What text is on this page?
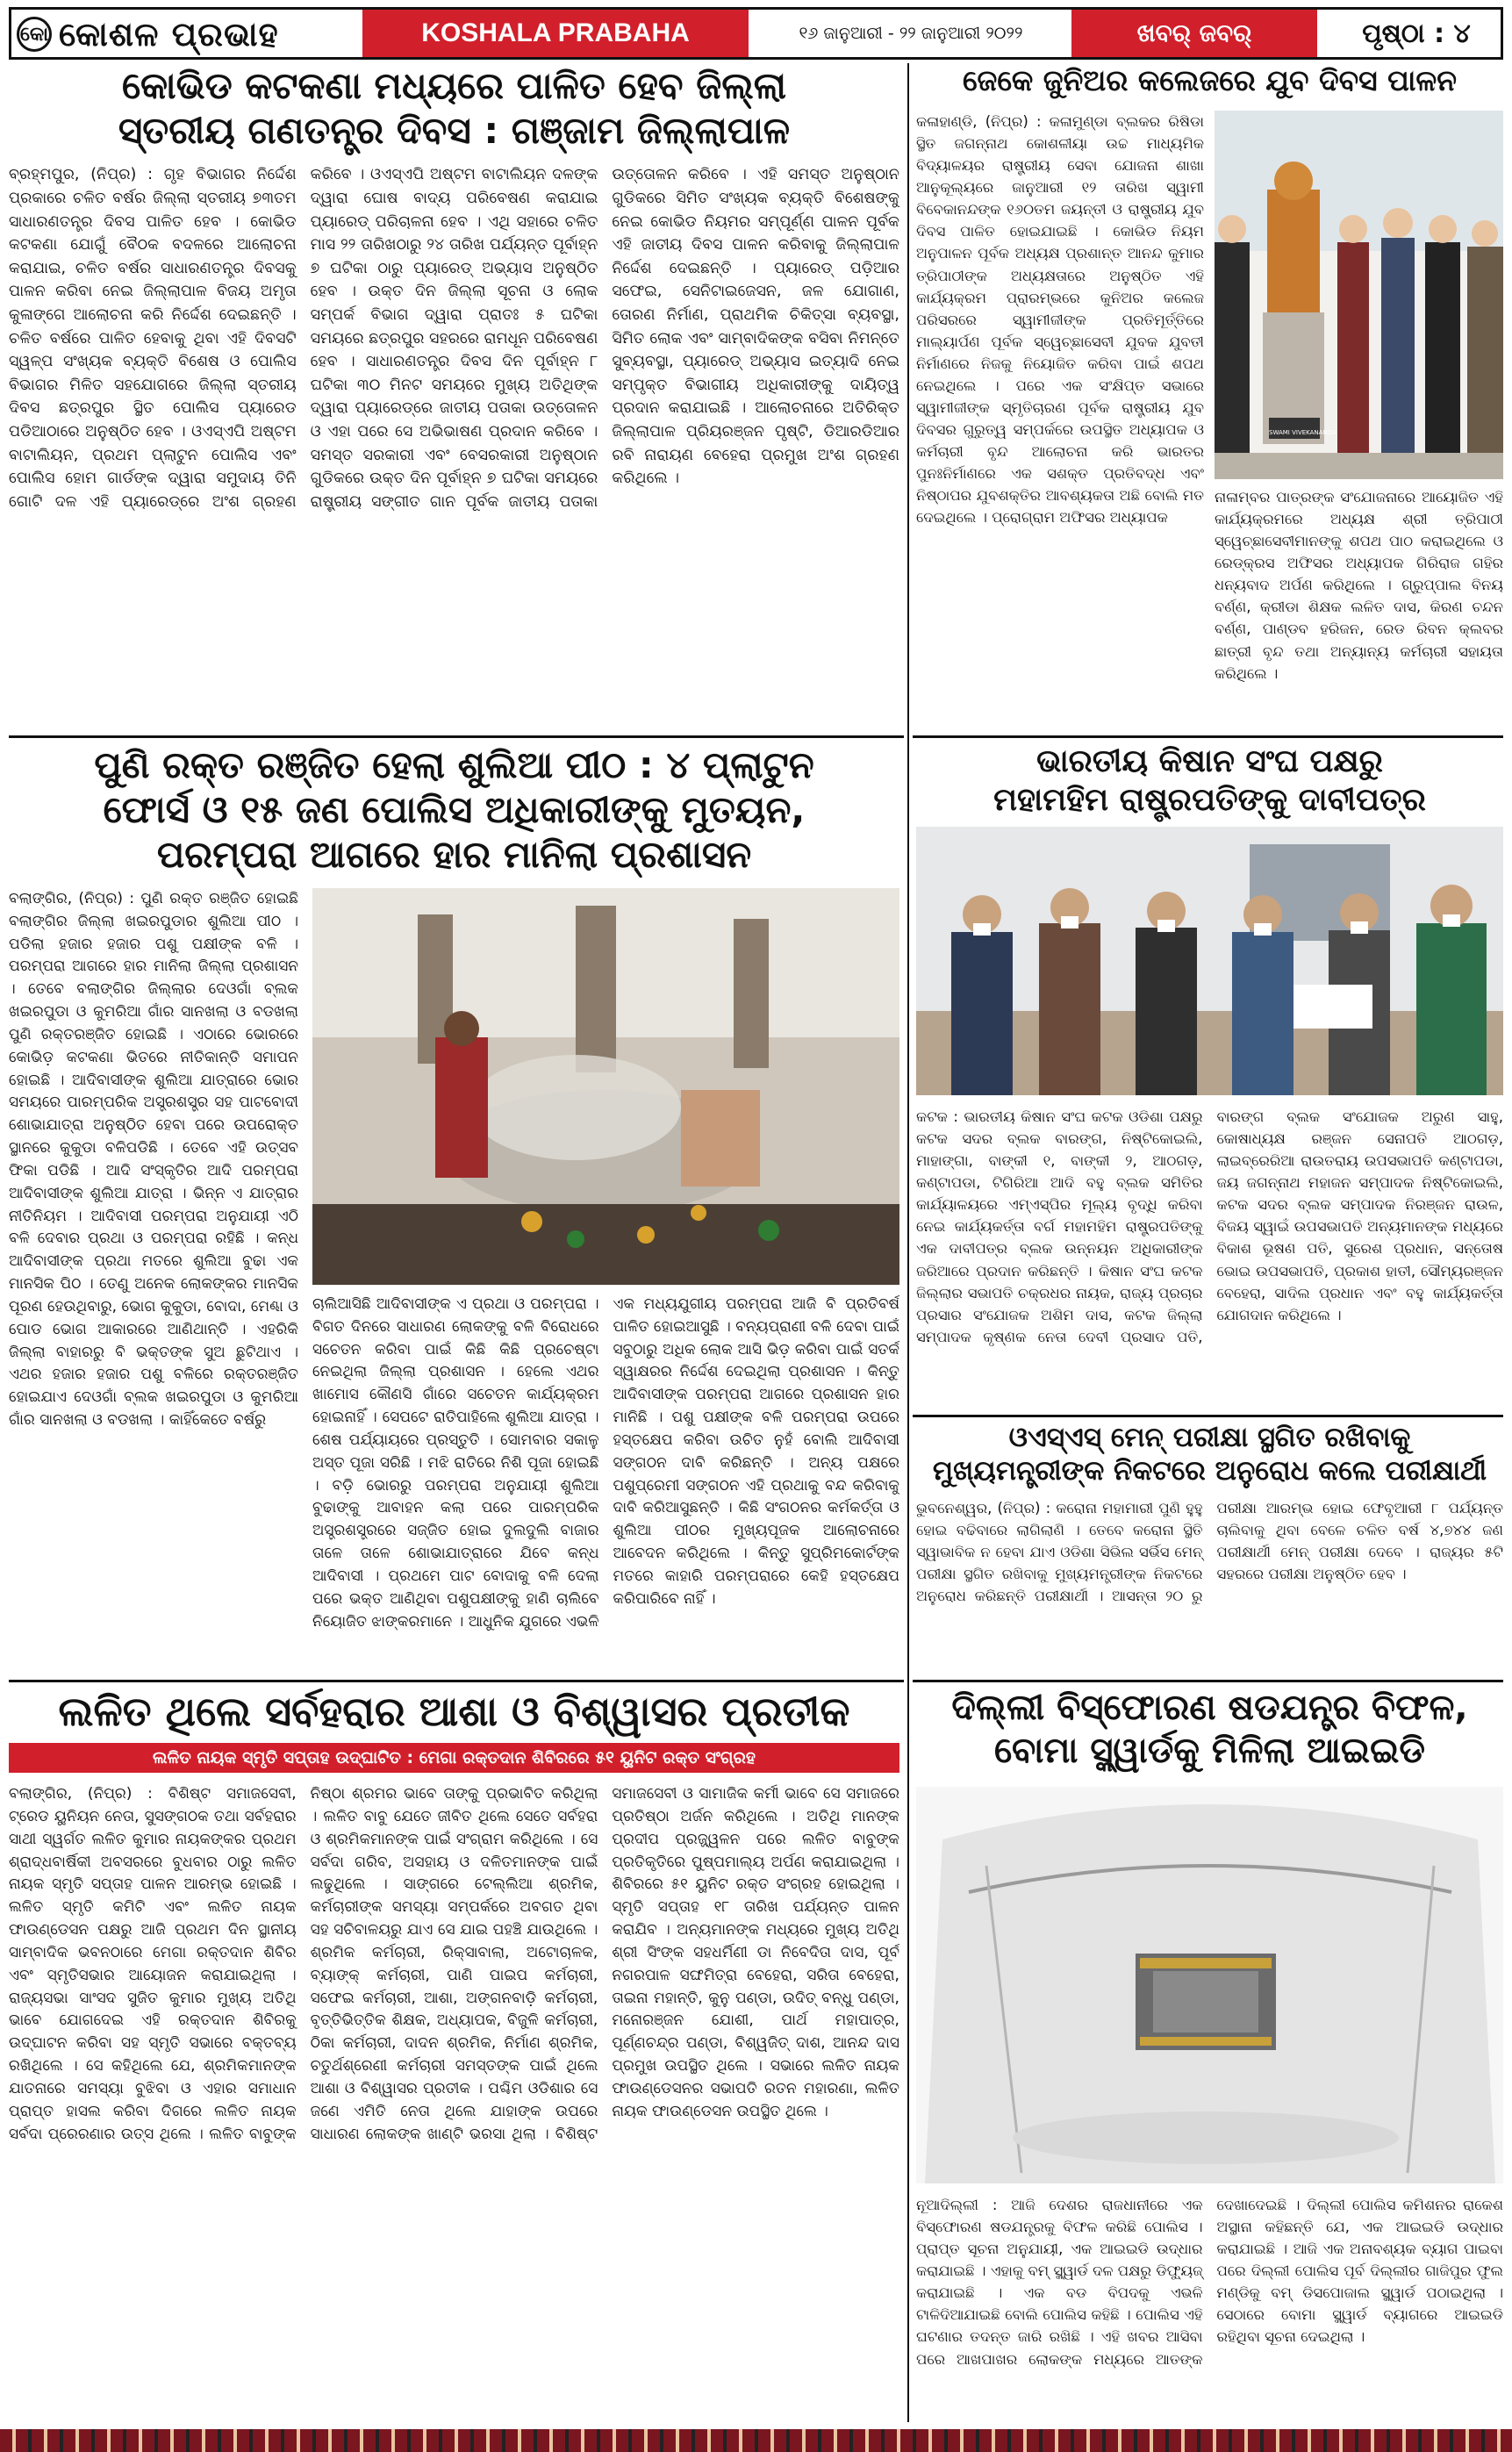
କୋ କୋଶଳ ପ୍ରଭାହ	KOSHALA PRABAHA	୧୬ ଜାନୁଆରୀ - ୨୨ ଜାନୁଆରୀ ୨୦୨୨	ଖବର୍ ଜବର୍	ପୃଷ୍ଠା : ୪
କୋଭିଡ କଟକଣା ମଧ୍ୟରେ ପାଳିତ ହେବ ଜିଲ୍ଲା
ସ୍ତରୀୟ ଗଣତନ୍ତ୍ର ଦିବସ : ଗଞ୍ଜାମ ଜିଲ୍ଲାପାଳ
ବ୍ରହ୍ମପୁର, (ନିପ୍ର) : ଗୃହ ବିଭାଗର ନିର୍ଦ୍ଦେଶ ପ୍ରକାରେ ଚଳିତ ବର୍ଷର ଜିଲ୍ଲା ସ୍ତରୀୟ ୭୩ତମ ସାଧାରଣତନ୍ତ୍ର ଦିବସ ପାଳିତ ହେବ । କୋଭିଡ କଟକଣା ଯୋଗୁଁ ବୈଠକ ବଦଳରେ ଆଲୋଚନା କରାଯାଇ, ଚଳିତ ବର୍ଷର ସାଧାରଣତନ୍ତ୍ର ଦିବସକୁ ପାଳନ କରିବା ନେଇ ଜିଲ୍ଲାପାଳ ବିଜୟ ଅମୃତା କୁଳାଙ୍ଗେ ଆଲୋଚନା କରି ନିର୍ଦ୍ଦେଶ ଦେଇଛନ୍ତି । ଚଳିତ ବର୍ଷରେ ପାଳିତ ହେବାକୁ ଥିବା ଏହି ଦିବସଟି ସ୍ୱଳ୍ପ ସଂଖ୍ୟକ ବ୍ୟକ୍ତି ବିଶେଷ ଓ ପୋଲିସ ବିଭାଗର ମିଳିତ ସହଯୋଗରେ ଜିଲ୍ଲା ସ୍ତରୀୟ ଦିବସ ଛତ୍ରପୁର ସ୍ଥିତ ପୋଲିସ ପ୍ୟାରେଡ ପଡିଆଠାରେ ଅନୁଷ୍ଠିତ ହେବ । ଓଏସ୍ଏପି ଅଷ୍ଟମ ବାଟାଲିୟନ, ପ୍ରଥମ ପ୍ଲାଟୁନ ପୋଲିସ ଏବଂ ପୋଲିସ ହୋମ ଗାର୍ଡଙ୍କ ଦ୍ୱାରା ସମୁଦାୟ ତିନି ଗୋଟି ଦଳ ଏହି ପ୍ୟାରେଡ୍‌ରେ ଅଂଶ ଗ୍ରହଣ କରିବେ । ଓଏସ୍ଏପି ଅଷ୍ଟମ ବାଟାଲିୟନ ଦଳଙ୍କ ଦ୍ୱାରା ଘୋଷ ବାଦ୍ୟ ପରିବେଷଣ କରାଯାଇ ପ୍ୟାରେଡ୍ ପରିଚାଳନା ହେବ । ଏଥି ସହାରେ ଚଳିତ ମାସ ୨୨ ତାରିଖଠାରୁ ୨୪ ତାରିଖ ପର୍ଯ୍ୟନ୍ତ ପୂର୍ବାହ୍ନ ୭ ଘଟିକା ଠାରୁ ପ୍ୟାରେଡ୍ ଅଭ୍ୟାସ ଅନୁଷ୍ଠିତ ହେବ । ଉକ୍ତ ଦିନ ଜିଲ୍ଲା ସୂଚନା ଓ ଲୋକ ସମ୍ପର୍କ ବିଭାଗ ଦ୍ୱାରା ପ୍ରାତଃ ୫ ଘଟିକା ସମୟରେ ଛତ୍ରପୁର ସହରରେ ରାମଧୂନ ପରିବେଷଣ ହେବ । ସାଧାରଣତନ୍ତ୍ର ଦିବସ ଦିନ ପୂର୍ବାହ୍ନ ୮ ଘଟିକା ୩୦ ମିନଟ ସମୟରେ ମୁଖ୍ୟ ଅତିଥିଙ୍କ ଦ୍ୱାରା ପ୍ୟାରେଡ୍‌ରେ ଜାତୀୟ ପତାକା ଉତ୍ତୋଳନ ଓ ଏହା ପରେ ସେ ଅଭିଭାଷଣ ପ୍ରଦାନ କରିବେ । ସମସ୍ତ ସରକାରୀ ଏବଂ ବେସରକାରୀ ଅନୁଷ୍ଠାନ ଗୁଡିକରେ ଉକ୍ତ ଦିନ ପୂର୍ବାହ୍ନ ୭ ଘଟିକା ସମୟରେ ରାଷ୍ଟ୍ରୀୟ ସଙ୍ଗୀତ ଗାନ ପୂର୍ବକ ଜାତୀୟ ପତାକା ଉତ୍ତୋଳନ କରିବେ । ଏହି ସମସ୍ତ ଅନୁଷ୍ଠାନ ଗୁଡିକରେ ସିମିତ ସଂଖ୍ୟକ ବ୍ୟକ୍ତି ବିଶେଷଙ୍କୁ ନେଇ କୋଭିଡ ନିୟମର ସମ୍ପୂର୍ଣ୍ଣ ପାଳନ ପୂର୍ବକ ଏହି ଜାତୀୟ ଦିବସ ପାଳନ କରିବାକୁ ଜିଲ୍ଲାପାଳ ନିର୍ଦ୍ଦେଶ ଦେଇଛନ୍ତି । ପ୍ୟାରେଡ୍ ପଡ଼ିଆର ସଫେଇ, ସେନିଟାଇଜେସନ, ଜଳ ଯୋଗାଣ, ତୋରଣ ନିର୍ମାଣ, ପ୍ରାଥମିକ ଚିକିତ୍ସା ବ୍ୟବସ୍ଥା, ସିମିତ ଲୋକ ଏବଂ ସାମ୍ବାଦିକଙ୍କ ବସିବା ନିମନ୍ତେ ସୁବ୍ୟବସ୍ଥା, ପ୍ୟାରେଡ୍ ଅଭ୍ୟାସ ଇତ୍ୟାଦି ନେଇ ସମ୍ପୃକ୍ତ ବିଭାଗୀୟ ଅଧିକାରୀଙ୍କୁ ଦାୟିତ୍ୱ ପ୍ରଦାନ କରାଯାଇଛି । ଆଲୋଚନାରେ ଅତିରିକ୍ତ ଜିଲ୍ଲାପାଳ ପ୍ରିୟରଞ୍ଜନ ପୃଷ୍ଟି, ଡିଆରଡିଆର ରବି ନାରାୟଣ ବେହେରା ପ୍ରମୁଖ ଅଂଶ ଗ୍ରହଣ କରିଥିଲେ ।
ଜେକେ ଜୁନିଅର କଲେଜରେ ଯୁବ ଦିବସ ପାଳନ
କଳାହାଣ୍ଡି, (ନିପ୍ର) : କଳାମୁଣ୍ଡା ବ୍ଲକର ରିଷିଡା ସ୍ଥିତ ଜଗନ୍ନାଥ କୋଶଳୀୟା ଉଚ୍ଚ ମାଧ୍ୟମିକ ବିଦ୍ୟାଳୟର ରାଷ୍ଟ୍ରୀୟ ସେବା ଯୋଜନା ଶାଖା ଆନୁକୂଲ୍ୟରେ ଜାନୁଆରୀ ୧୨ ତାରିଖ ସ୍ୱାମୀ ବିବେକାନନ୍ଦଙ୍କ ୧୬୦ତମ ଜୟନ୍ତୀ ଓ ରାଷ୍ଟ୍ରୀୟ ଯୁବ ଦିବସ ପାଳିତ ହୋଇଯାଇଛି । କୋଭିଡ ନିୟମ ଅନୁପାଳନ ପୂର୍ବକ ଅଧ୍ୟକ୍ଷ ପ୍ରଶାନ୍ତ ଆନନ୍ଦ କୁମାର ତ୍ରିପାଠୀଙ୍କ ଅଧ୍ୟକ୍ଷତାରେ ଅନୁଷ୍ଠିତ ଏହି କାର୍ଯ୍ୟକ୍ରମ ପ୍ରାରମ୍ଭରେ କୁନିଅର କଲେଜ ପରିସରରେ ସ୍ୱାମୀଜୀଙ୍କ ପ୍ରତିମୂର୍ତ୍ତିରେ ମାଲ୍ୟାର୍ପଣ ପୂର୍ବକ ସ୍ୱେଚ୍ଛାସେବୀ ଯୁବକ ଯୁବତୀ ନିର୍ମାଣରେ ନିଜକୁ ନିୟୋଜିତ କରିବା ପାଇଁ ଶପଥ ନେଇଥିଲେ । ପରେ ଏକ ସଂକ୍ଷିପ୍ତ ସଭାରେ ସ୍ୱାମୀଜୀଙ୍କ ସ୍ମୃତିଚାରଣ ପୂର୍ବକ ରାଷ୍ଟ୍ରୀୟ ଯୁବ ଦିବସର ଗୁରୁତ୍ୱ ସମ୍ପର୍କରେ ଉପସ୍ଥିତ ଅଧ୍ୟାପକ ଓ କର୍ମଚାରୀ ବୃନ୍ଦ ଆଲୋଚନା କରି ଭାରତର ପୁନଃନିର୍ମାଣରେ ଏକ ସଶକ୍ତ ପ୍ରତିବଦ୍ଧ ଏବଂ ନିଷ୍ଠାପର ଯୁବଶକ୍ତିର ଆବଶ୍ୟକତା ଅଛି ବୋଲି ମତ ଦେଇଥିଲେ । ପ୍ରୋଗ୍ରାମ ଅଫିସର ଅଧ୍ୟାପକ
SWAMI VIVEKANANDA
ନାଳାମ୍ବର ପାତ୍ରଙ୍କ ସଂଯୋଜନାରେ ଆୟୋଜିତ ଏହି କାର୍ଯ୍ୟକ୍ରମରେ ଅଧ୍ୟକ୍ଷ ଶ୍ରୀ ତ୍ରିପାଠୀ ସ୍ୱେଚ୍ଛାସେବୀମାନଙ୍କୁ ଶପଥ ପାଠ କରାଇଥିଲେ ଓ ରେଡ୍‌କ୍ରସ ଅଫିସର ଅଧ୍ୟାପକ ଗିରିରାଜ ଗହିର ଧନ୍ୟବାଦ ଅର୍ପଣ କରିଥିଲେ । ଗ୍ରୁପ୍‌ପାଲ ବିନୟ ବର୍ଣ୍ଣ, କ୍ରୀଡା ଶିକ୍ଷକ ଲଳିତ ଦାସ, କିରଣ ଚନ୍ଦନ ବର୍ଣ୍ଣ, ପାଣ୍ଡବ ହରିଜନ, ରେଡ ରିବନ କ୍ଲବର ଛାତ୍ରୀ ବୃନ୍ଦ ତଥା ଅନ୍ୟାନ୍ୟ କର୍ମଚାରୀ ସହାୟତା କରିଥିଲେ ।
ପୁଣି ରକ୍ତ ରଞ୍ଜିତ ହେଲା ଶୁଲିଆ ପୀଠ : ୪ ପ୍ଲାଟୁନ
ଫୋର୍ସ ଓ ୧୫ ଜଣ ପୋଲିସ ଅଧିକାରୀଙ୍କୁ ମୁତୟନ,
ପରମ୍ପରା ଆଗରେ ହାର ମାନିଲା ପ୍ରଶାସନ
ବଲାଙ୍ଗିର, (ନିପ୍ର) : ପୁଣି ରକ୍ତ ରଞ୍ଜିତ ହୋଇଛି ବଲାଙ୍ଗିର ଜିଲ୍ଲା ଖଇରପୁଡାର ଶୁଲିଆ ପୀଠ । ପଡିଲା ହଜାର ହଜାର ପଶୁ ପକ୍ଷୀଙ୍କ ବଳି । ପରମ୍ପରା ଆଗରେ ହାର ମାନିଲା ଜିଲ୍ଲା ପ୍ରଶାସନ । ତେବେ ବଲାଙ୍ଗିର ଜିଲ୍ଲାର ଦେଓଗାଁ ବ୍ଲକ ଖଇରପୁଡା ଓ କୁମରିଆ ଗାଁର ସାନଖଲା ଓ ବଡଖଲା ପୁଣି ରକ୍ତରଞ୍ଜିତ ହୋଇଛି । ଏଠାରେ ଭୋରରେ କୋଭିଡ଼ କଟକଣା ଭିତରେ ନୀତିକାନ୍ତି ସମାପନ ହୋଇଛି । ଆଦିବାସୀଙ୍କ ଶୁଲିଆ ଯାତ୍ରାରେ ଭୋର ସମୟରେ ପାରମ୍ପରିକ ଅସ୍ତ୍ରଶସ୍ତ୍ର ସହ ପାଟବୋଦୀ ଶୋଭାଯାତ୍ରା ଅନୁଷ୍ଠିତ ହେବା ପରେ ଉପରୋକ୍ତ ସ୍ଥାନରେ କୁକୁଡା ବଳିପଡିଛି । ତେବେ ଏହି ଉତ୍ସବ ଫିକା ପଡିଛି । ଆଦି ସଂସ୍କୃତିର ଆଦି ପରମ୍ପରା ଆଦିବାସୀଙ୍କ ଶୁଲିଆ ଯାତ୍ରା । ଭିନ୍ନ ଏ ଯାତ୍ରାର ନୀତିନିୟମ । ଆଦିବାସୀ ପରମ୍ପରା ଅନୁଯାୟୀ ଏଠି ବଳି ଦେବାର ପ୍ରଥା ଓ ପରମ୍ପରା ରହିଛି । କନ୍ଧ ଆଦିବାସୀଙ୍କ ପ୍ରଥା ମତରେ ଶୁଲିଆ ବୁଢା ଏକ ମାନସିକ ପିଠ । ତେଣୁ ଅନେକ ଲୋକଙ୍କର ମାନସିକ ପୂରଣ ହେଉଥିବାରୁ, ଭୋଗ କୁକୁଡା, ବୋଦା, ମେଣ୍ଢା ଓ ପୋଡ ଭୋଗ ଆକାରରେ ଆଣିଥାନ୍ତି । ଏହରିକି ଜିଲ୍ଲା ବାହାରରୁ ବି ଭକ୍ତଙ୍କ ସୁଅ ଛୁଟିଥାଏ । ଏଥର ହଜାର ହଜାର ପଶୁ ବଳିରେ ରକ୍ତରଞ୍ଜିତ ହୋଇଯାଏ ଦେଓଗାଁ ବ୍ଲକ ଖଇରପୁଡା ଓ କୁମରିଆ ଗାଁର ସାନଖଲା ଓ ବଡଖଲା । କାହିଁକେତେ ବର୍ଷରୁ
ଚାଲିଆସିଛି ଆଦିବାସୀଙ୍କ ଏ ପ୍ରଥା ଓ ପରମ୍ପରା । ବିଗତ ଦିନରେ ସାଧାରଣ ଲୋକଙ୍କୁ ବଳି ବିରୋଧରେ ସଚେତନ କରିବା ପାଇଁ କିଛି କିଛି ପ୍ରଚେଷ୍ଟା ନେଇଥିଲା ଜିଲ୍ଲା ପ୍ରଶାସନ । ହେଲେ ଏଥର ଖାମୋସ କୌଣସି ଗାଁରେ ସଚେତନ କାର୍ଯ୍ୟକ୍ରମ ହୋଇନାହିଁ । ସେପଟେ ରାତିପାହିଲେ ଶୁଲିଆ ଯାତ୍ରା । ଶେଷ ପର୍ଯ୍ୟାୟରେ ପ୍ରସ୍ତୁତି । ସୋମବାର ସକାଳୁ ଅସ୍ତ ପୂଜା ସରିଛି । ମଝି ରାତିରେ ନିଶି ପୂଜା ହୋଇଛି । ବଡ଼ି ଭୋରରୁ ପରମ୍ପରା ଅନୁଯାୟୀ ଶୁଲିଆ ବୁଢାଙ୍କୁ ଆବାହନ କଲା ପରେ ପାରମ୍ପରିକ ଅସ୍ତ୍ରଶସ୍ତ୍ରରେ ସଜ୍ଜିତ ହୋଇ ଦୁଲଦୁଲି ବାଜାର ତାଳେ ତାଳେ ଶୋଭାଯାତ୍ରାରେ ଯିବେ କନ୍ଧ ଆଦିବାସୀ । ପ୍ରଥମେ ପାଟ ବୋଦାକୁ ବଳି ଦେଲା ପରେ ଭକ୍ତ ଆଣିଥିବା ପଶୁପକ୍ଷୀଙ୍କୁ ହାଣି ଚାଲିବେ ନିୟୋଜିତ ଝାଙ୍କରମାନେ । ଆଧୁନିକ ଯୁଗରେ ଏଭଳି ଏକ ମଧ୍ୟଯୁଗୀୟ ପରମ୍ପରା ଆଜି ବି ପ୍ରତିବର୍ଷ ପାଳିତ ହୋଇଆସୁଛି । ବନ୍ୟପ୍ରାଣୀ ବଳି ଦେବା ପାଇଁ ସବୁଠାରୁ ଅଧିକ ଲୋକ ଆସି ଭିଡ଼ କରିବା ପାଇଁ ସତର୍କ ସ୍ୱାକ୍ଷରର ନିର୍ଦ୍ଦେଶ ଦେଇଥିଲା ପ୍ରଶାସନ । କିନ୍ତୁ ଆଦିବାସୀଙ୍କ ପରମ୍ପରା ଆଗରେ ପ୍ରଶାସନ ହାର ମାନିଛି । ପଶୁ ପକ୍ଷୀଙ୍କ ବଳି ପରମ୍ପରା ଉପରେ ହସ୍ତକ୍ଷେପ କରିବା ଉଚିତ ନୁହଁ ବୋଲି ଆଦିବାସୀ ସଙ୍ଗଠନ ଦାବି କରିଛନ୍ତି । ଅନ୍ୟ ପକ୍ଷରେ ପଶୁପ୍ରେମୀ ସଙ୍ଗଠନ ଏହି ପ୍ରଥାକୁ ବନ୍ଦ କରିବାକୁ ଦାବି କରିଆସୁଛନ୍ତି । କିଛି ସଂଗଠନର କର୍ମକର୍ତ୍ତା ଓ ଶୁଲିଆ ପୀଠର ମୁଖ୍ୟପୂଜକ ଆଲୋଚନାରେ ଆବେଦନ କରିଥିଲେ । କିନ୍ତୁ ସୁପ୍ରିମକୋର୍ଟଙ୍କ ମତରେ କାହାରି ପରମ୍ପରାରେ କେହି ହସ୍ତକ୍ଷେପ କରିପାରିବେ ନାହିଁ ।
ଭାରତୀୟ କିଷାନ ସଂଘ ପକ୍ଷରୁ
ମହାମହିମ ରାଷ୍ଟ୍ରପତିଙ୍କୁ ଦାବୀପତ୍ର
କଟକ : ଭାରତୀୟ କିଷାନ ସଂଘ କଟକ ଓଡିଶା ପକ୍ଷରୁ କଟକ ସଦର ବ୍ଲକ ବାରଙ୍ଗ, ନିଷ୍ଟିକୋଇଲି, ମାହାଙ୍ଗା, ବାଙ୍କୀ ୧, ବାଙ୍କୀ ୨, ଆଠଗଡ଼, କଣ୍ଟାପଡା, ଟିଗିରିଆ ଆଦି ବହୁ ବ୍ଲକ ସମିତିର କାର୍ଯ୍ୟାଳୟରେ ଏମ୍‌ଏସ୍‌ପିର ମୂଲ୍ୟ ବୃଦ୍ଧି କରିବା ନେଇ କାର୍ଯ୍ୟକର୍ତ୍ତା ବର୍ଗ ମହାମହିମ ରାଷ୍ଟ୍ରପତିଙ୍କୁ ଏକ ଦାବୀପତ୍ର ବ୍ଲକ ଉନ୍ନୟନ ଅଧିକାରୀଙ୍କ ଜରିଆରେ ପ୍ରଦାନ କରିଛନ୍ତି । କିଷାନ ସଂଘ କଟକ ଜିଲ୍ଲାର ସଭାପତି ଚକ୍ରଧର ନାୟକ, ରାଜ୍ୟ ପ୍ରଚାର ପ୍ରସାର ସଂଯୋଜକ ଅଶିମ ଦାସ, କଟକ ଜିଲ୍ଲା ସମ୍ପାଦକ କୃଷ୍ଣକ ନେତା ଦେବୀ ପ୍ରସାଦ ପତି, ବାରଙ୍ଗ ବ୍ଲକ ସଂଯୋଜକ ଅରୁଣ ସାହୁ, କୋଷାଧ୍ୟକ୍ଷ ରଞ୍ଜନ ସେନାପତି ଆଠଗଡ଼, ଲାଇବ୍ରେରିଆ ରାଉତରାୟ ଉପସଭାପତି କଣ୍ଟାପଡା, ଜୟ ଜଗନ୍ନାଥ ମହାଜନ ସମ୍ପାଦକ ନିଷ୍ଟିକୋଇଲି, କଟକ ସଦର ବ୍ଲକ ସମ୍ପାଦକ ନିରଞ୍ଜନ ରାଉଳ, ବିଜୟ ସ୍ୱାଇଁ ଉପସଭାପତି ଅନ୍ୟମାନଙ୍କ ମଧ୍ୟରେ ବିକାଶ ଭୂଷଣ ପତି, ସୁରେଶ ପ୍ରଧାନ, ସନ୍ତୋଷ ଭୋଇ ଉପସଭାପତି, ପ୍ରକାଶ ହାତୀ, ସୌମ୍ୟରଞ୍ଜନ ବେହେରା, ସାଦିଲ ପ୍ରଧାନ ଏବଂ ବହୁ କାର୍ଯ୍ୟକର୍ତ୍ତା ଯୋଗଦାନ କରିଥିଲେ ।
ଓଏସ୍ଏସ୍ ମେନ୍ ପରୀକ୍ଷା ସ୍ଥଗିତ ରଖିବାକୁ
ମୁଖ୍ୟମନ୍ତ୍ରୀଙ୍କ ନିକଟରେ ଅନୁରୋଧ କଲେ ପରୀକ୍ଷାର୍ଥୀ
ଭୁବନେଶ୍ୱର, (ନିପ୍ର) : କରୋନା ମହାମାରୀ ପୁଣି ହୁହୁ ହୋଇ ବଢିବାରେ ଲାଗିଲାଣି । ତେବେ କରୋନା ସ୍ଥିତି ସ୍ୱାଭାବିକ ନ ହେବା ଯାଏ ଓଡିଶା ସିଭିଲ ସର୍ଭିସ ମେନ୍ ପରୀକ୍ଷା ସ୍ଥଗିତ ରଖିବାକୁ ମୁଖ୍ୟମନ୍ତ୍ରୀଙ୍କ ନିକଟରେ ଅନୁରୋଧ କରିଛନ୍ତି ପରୀକ୍ଷାର୍ଥୀ । ଆସନ୍ତା ୨୦ ରୁ ପରୀକ୍ଷା ଆରମ୍ଭ ହୋଇ ଫେବୃଆରୀ ୮ ପର୍ଯ୍ୟନ୍ତ ଚାଲିବାକୁ ଥିବା ବେଳେ ଚଳିତ ବର୍ଷ ୪,୭୪୪ ଜଣ ପରୀକ୍ଷାର୍ଥୀ ମେନ୍ ପରୀକ୍ଷା ଦେବେ । ରାଜ୍ୟର ୫ଟି ସହରରେ ପରୀକ୍ଷା ଅନୁଷ୍ଠିତ ହେବ ।
ଲଳିତ ଥିଲେ ସର୍ବହରାର ଆଶା ଓ ବିଶ୍ୱାସର ପ୍ରତୀକ
ଲଳିତ ନାୟକ ସ୍ମୃତି ସପ୍ତାହ ଉଦ୍‌ଘାଟିତ : ମେଗା ରକ୍ତଦାନ ଶିବିରରେ ୫୧ ୟୁନିଟ ରକ୍ତ ସଂଗ୍ରହ
ବଲାଙ୍ଗିର, (ନିପ୍ର) : ବିଶିଷ୍ଟ ସମାଜସେବୀ, ଟ୍ରେଡ ୟୁନିୟନ ନେତା, ସୁସଙ୍ଗଠକ ତଥା ସର୍ବହରାର ସାଥୀ ସ୍ୱର୍ଗତ ଲଳିତ କୁମାର ନାୟକଙ୍କର ପ୍ରଥମ ଶ୍ରାଦ୍ଧବାର୍ଷିକୀ ଅବସରରେ ବୁଧବାର ଠାରୁ ଲଳିତ ନାୟକ ସ୍ମୃତି ସପ୍ତାହ ପାଳନ ଆରମ୍ଭ ହୋଇଛି । ଲଳିତ ସ୍ମୃତି କମିଟି ଏବଂ ଲଳିତ ନାୟକ ଫାଉଣ୍ଡେସନ ପକ୍ଷରୁ ଆଜି ପ୍ରଥମ ଦିନ ସ୍ଥାନୀୟ ସାମ୍ବାଦିକ ଭବନଠାରେ ମେଗା ରକ୍ତଦାନ ଶିବିର ଏବଂ ସ୍ମୃତିସଭାର ଆୟୋଜନ କରାଯାଇଥିଲା । ରାଜ୍ୟସଭା ସାଂସଦ ସୁଜିତ କୁମାର ମୁଖ୍ୟ ଅତିଥି ଭାବେ ଯୋଗଦେଇ ଏହି ରକ୍ତଦାନ ଶିବିରକୁ ଉଦ୍‌ଘାଟନ କରିବା ସହ ସ୍ମୃତି ସଭାରେ ବକ୍ତବ୍ୟ ରଖିଥିଲେ । ସେ କହିଥିଲେ ଯେ, ଶ୍ରମିକମାନଙ୍କ ଯାତନାରେ ସମସ୍ୟା ବୁଝିବା ଓ ଏହାର ସମାଧାନ ପ୍ରାପ୍ତ ହାସଲ କରିବା ଦିଗରେ ଲଳିତ ନାୟକ ସର୍ବଦା ପ୍ରେରଣାର ଉତ୍ସ ଥିଲେ । ଲଳିତ ବାବୁଙ୍କ ନିଷ୍ଠା ଶ୍ରମର ଭାବେ ତାଙ୍କୁ ପ୍ରଭାବିତ କରିଥିଲା । ଲଳିତ ବାବୁ ଯେତେ ଜୀବିତ ଥିଲେ ସେତେ ସର୍ବହରା ଓ ଶ୍ରମିକମାନଙ୍କ ପାଇଁ ସଂଗ୍ରାମ କରିଥିଲେ । ସେ ସର୍ବଦା ଗରିବ, ଅସହାୟ ଓ ଦଳିତମାନଙ୍କ ପାଇଁ ଲଢୁଥିଲେ । ସାଙ୍ଗରେ ଟେଲ୍ଲିଆ ଶ୍ରମିକ, କର୍ମଚାରୀଙ୍କ ସମସ୍ୟା ସମ୍ପର୍କରେ ଅବଗତ ଥିବା ସହ ସଚିବାଳୟରୁ ଯାଏ ସେ ଯାଇ ପହଞ୍ଚି ଯାଉଥିଲେ । ଶ୍ରମିକ କର୍ମଚାରୀ, ରିକ୍ସାବାଲା, ଅଟୋଚାଳକ, ବ୍ୟାଙ୍କ୍ କର୍ମଚାରୀ, ପାଣି ପାଇପ କର୍ମଚାରୀ, ସଫେଇ କର୍ମଚାରୀ, ଆଶା, ଅଙ୍ଗନବାଡ଼ି କର୍ମଚାରୀ, ବୃତ୍ତିଭିତ୍ତିକ ଶିକ୍ଷକ, ଅଧ୍ୟାପକ, ବିଜୁଳି କର୍ମଚାରୀ, ଠିକା କର୍ମଚାରୀ, ଦାଦନ ଶ୍ରମିକ, ନିର୍ମାଣ ଶ୍ରମିକ, ଚତୁର୍ଥଶ୍ରେଣୀ କର୍ମଚାରୀ ସମସ୍ତଙ୍କ ପାଇଁ ଥିଲେ ଆଶା ଓ ବିଶ୍ୱାସର ପ୍ରତୀକ । ପଶ୍ଚିମ ଓଡିଶାର ସେ ଜଣେ ଏମିତି ନେତା ଥିଲେ ଯାହାଙ୍କ ଉପରେ ସାଧାରଣ ଲୋକଙ୍କ ଖାଣ୍ଟି ଭରସା ଥିଲା । ବିଶିଷ୍ଟ ସମାଜସେବୀ ଓ ସାମାଜିକ କର୍ମୀ ଭାବେ ସେ ସମାଜରେ ପ୍ରତିଷ୍ଠା ଅର୍ଜନ କରିଥିଲେ । ଅତିଥି ମାନଙ୍କ ପ୍ରଦୀପ ପ୍ରଜ୍ଜ୍ୱଳନ ପରେ ଲଳିତ ବାବୁଙ୍କ ପ୍ରତିକୃତିରେ ପୁଷ୍ପମାଲ୍ୟ ଅର୍ପଣ କରାଯାଇଥିଲା । ଶିବିରରେ ୫୧ ୟୁନିଟ ରକ୍ତ ସଂଗ୍ରହ ହୋଇଥିଲା । ସ୍ମୃତି ସପ୍ତାହ ୧୮ ତାରିଖ ପର୍ଯ୍ୟନ୍ତ ପାଳନ କରାଯିବ । ଅନ୍ୟମାନଙ୍କ ମଧ୍ୟରେ ମୁଖ୍ୟ ଅତିଥି ଶ୍ରୀ ସିଂଙ୍କ ସହଧର୍ମିଣୀ ଡା ନିବେଦିତା ଦାସ, ପୂର୍ବ ନଗରପାଳ ସଙ୍ଘମିତ୍ରା ବେହେରା, ସରିତା ବେହେରା, ତାଇନା ମହାନ୍ତି, କୁନୁ ପଣ୍ଡା, ଉଦିତ୍ ବନ୍ଧୁ ପଣ୍ଡା, ମନୋରଞ୍ଜନ ଯୋଶୀ, ପାର୍ଥ ମହାପାତ୍ର, ପୂର୍ଣ୍ଣଚନ୍ଦ୍ର ପଣ୍ଡା, ବିଶ୍ୱଜିତ୍ ଦାଶ, ଆନନ୍ଦ ଦାସ ପ୍ରମୁଖ ଉପସ୍ଥିତ ଥିଲେ । ସଭାରେ ଲଳିତ ନାୟକ ଫାଉଣ୍ଡେସନର ସଭାପତି ରତନ ମହାରଣା, ଲଳିତ ନାୟକ ଫାଉଣ୍ଡେସନ ଉପସ୍ଥିତ ଥିଲେ ।
ଦିଲ୍ଲୀ ବିସ୍ଫୋରଣ ଷଡଯନ୍ତ୍ର ବିଫଳ,
ବୋମା ସ୍କ୍ୱାର୍ଡକୁ ମିଳିଲା ଆଇଇଡି
ନୂଆଦିଲ୍ଲୀ : ଆଜି ଦେଶର ରାଜଧାନୀରେ ଏକ ବିସ୍ଫୋରଣ ଷଡଯନ୍ତ୍ରକୁ ବିଫଳ କରିଛି ପୋଲିସ । ପ୍ରାପ୍ତ ସୂଚନା ଅନୁଯାୟୀ, ଏକ ଆଇଇଡି ଉଦ୍ଧାର କରାଯାଇଛି । ଏହାକୁ ବମ୍ ସ୍କ୍ୱାର୍ଡ ଦଳ ପକ୍ଷରୁ ଡିଫ୍ୟୁଜ୍ କରାଯାଇଛି । ଏକ ବଡ ବିପଦକୁ ଏଭଳି ଟାଳିଦିଆଯାଇଛି ବୋଲି ପୋଲିସ କହିଛି । ପୋଲିସ ଏହି ଘଟଣାର ତଦନ୍ତ ଜାରି ରଖିଛି । ଏହି ଖବର ଆସିବା ପରେ ଆଖପାଖର ଲୋକଙ୍କ ମଧ୍ୟରେ ଆତଙ୍କ ଦେଖାଦେଇଛି । ଦିଲ୍ଲୀ ପୋଲିସ କମିଶନର ରାକେଶ ଅସ୍ଥାନା କହିଛନ୍ତି ଯେ, ଏକ ଆଇଇଡି ଉଦ୍ଧାର କରାଯାଇଛି । ଆଜି ଏକ ଅନାବଶ୍ୟକ ବ୍ୟାଗ ପାଇବା ପରେ ଦିଲ୍ଲୀ ପୋଲିସ ପୂର୍ବ ଦିଲ୍ଲୀର ଗାଜିପୁର ଫୁଲ ମଣ୍ଡିକୁ ବମ୍ ଡିସପୋଜାଲ ସ୍କ୍ୱାର୍ଡ ପଠାଇଥିଲା । ସେଠାରେ ବୋମା ସ୍କ୍ୱାର୍ଡ ବ୍ୟାଗରେ ଆଇଇଡି ରହିଥିବା ସୂଚନା ଦେଇଥିଲା ।
